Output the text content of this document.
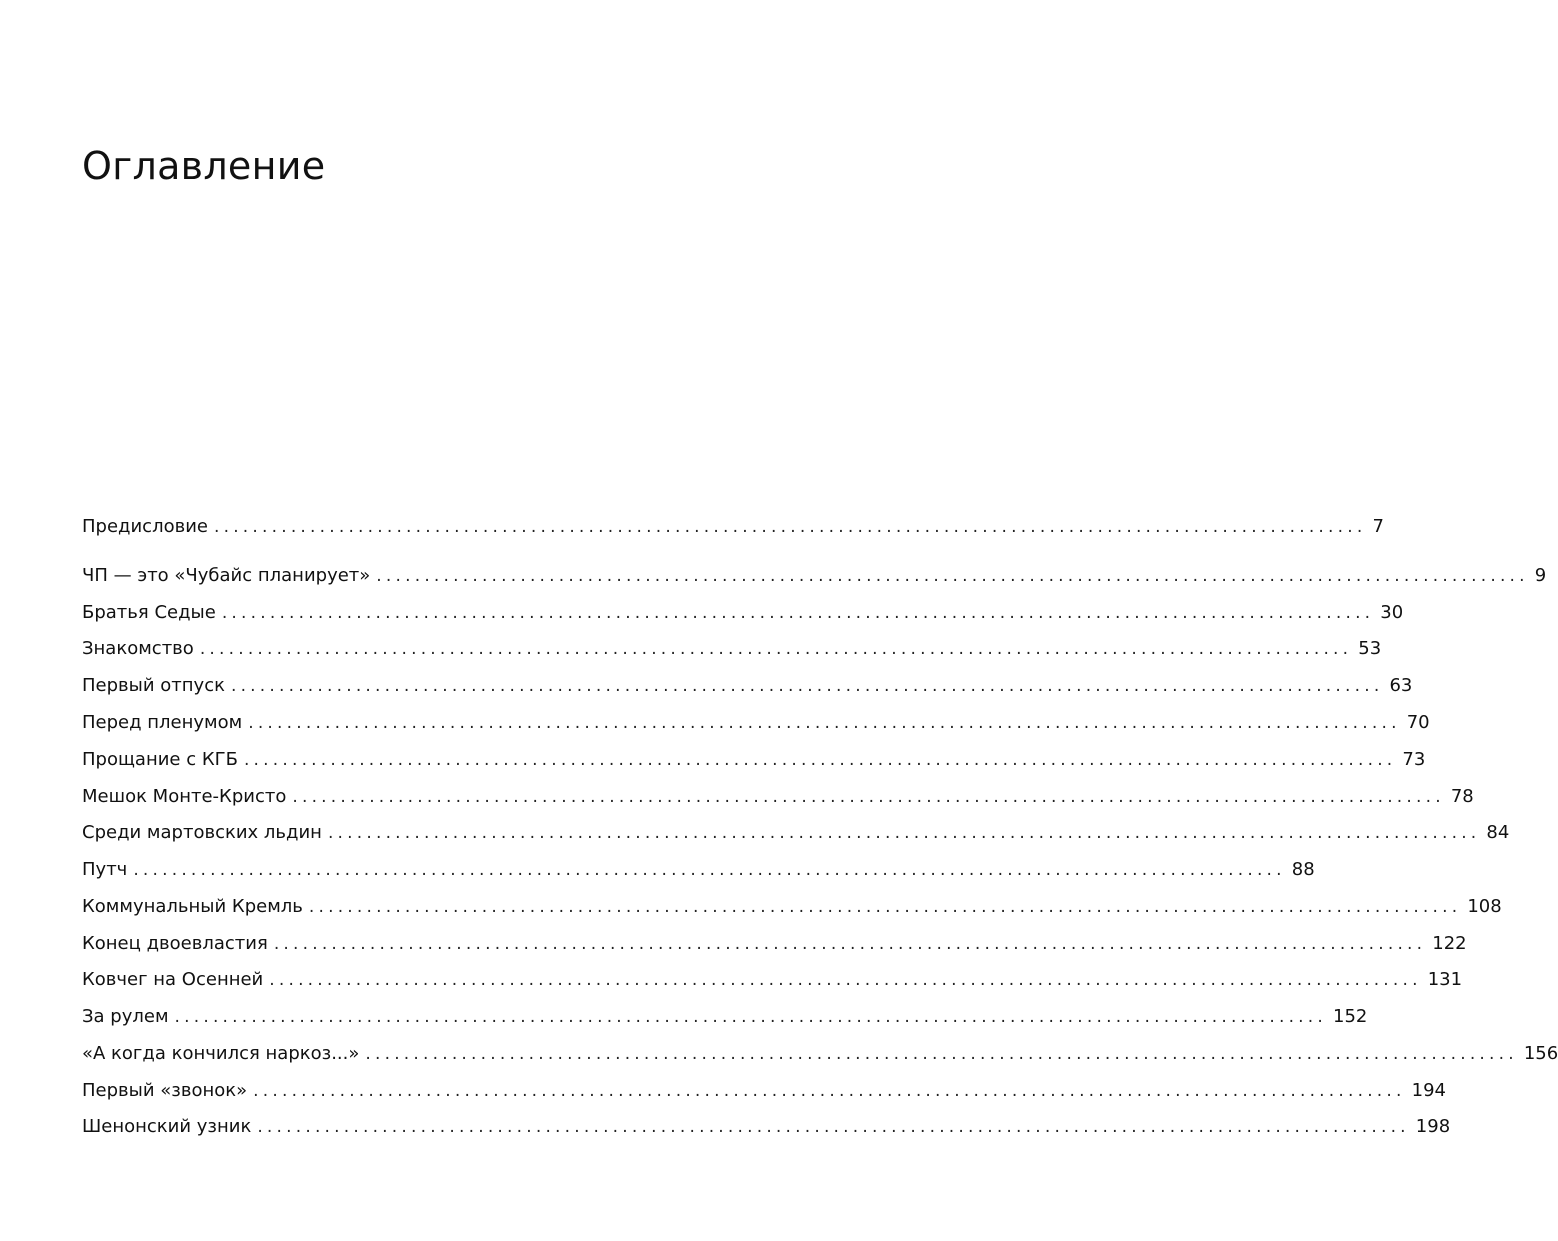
Оглавление
Предисловие ........................................................................................................................ 7
ЧП — это «Чубайс планирует» ........................................................................................................................ 9
Братья Седые ........................................................................................................................ 30
Знакомство ........................................................................................................................ 53
Первый отпуск ........................................................................................................................ 63
Перед пленумом ........................................................................................................................ 70
Прощание с КГБ ........................................................................................................................ 73
Мешок Монте-Кристо ........................................................................................................................ 78
Среди мартовских льдин ........................................................................................................................ 84
Путч ........................................................................................................................ 88
Коммунальный Кремль ........................................................................................................................ 108
Конец двоевластия ........................................................................................................................ 122
Ковчег на Осенней ........................................................................................................................ 131
За рулем ........................................................................................................................ 152
«А когда кончился наркоз...» ........................................................................................................................ 156
Первый «звонок» ........................................................................................................................ 194
Шенонский узник ........................................................................................................................ 198
